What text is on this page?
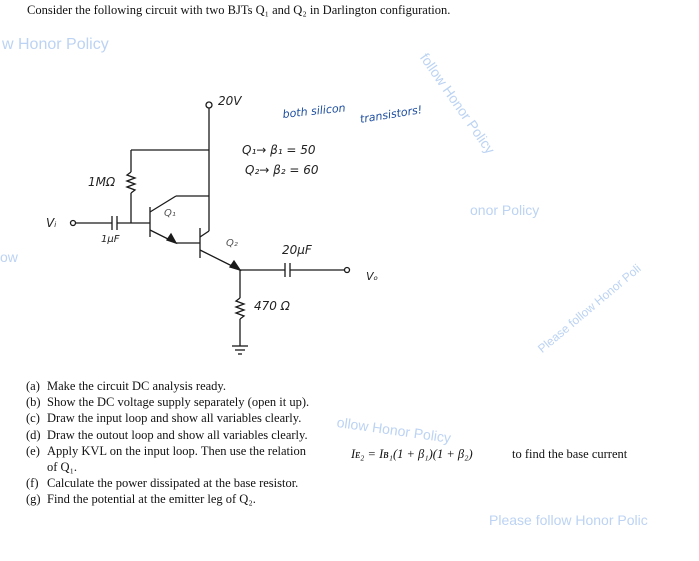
Consider the following circuit with two BJTs Q₁ and Q₂ in Darlington configuration.
w Honor Policy
follow Honor Policy
onor Policy
ow
Please follow Honor Poli
Please follow Honor Polic
ollow Honor Policy
20V
both silicon transistors!
Q₁→ β₁ = 50
Q₂→ β₂ = 60
1MΩ
Vᵢ
1µF
Q₁
Q₂	20µF
Vₒ
470 Ω
(a) Make the circuit DC analysis ready.
(b) Show the DC voltage supply separately (open it up).
(c) Draw the input loop and show all variables clearly.
(d) Draw the outout loop and show all variables clearly.
(e) Apply KVL on the input loop. Then use the relation
of Q₁.
(f) Calculate the power dissipated at the base resistor.
(g) Find the potential at the emitter leg of Q₂.
Iᴇ₂ = Iʙ₁(1 + β₁)(1 + β₂)	to find the base current
